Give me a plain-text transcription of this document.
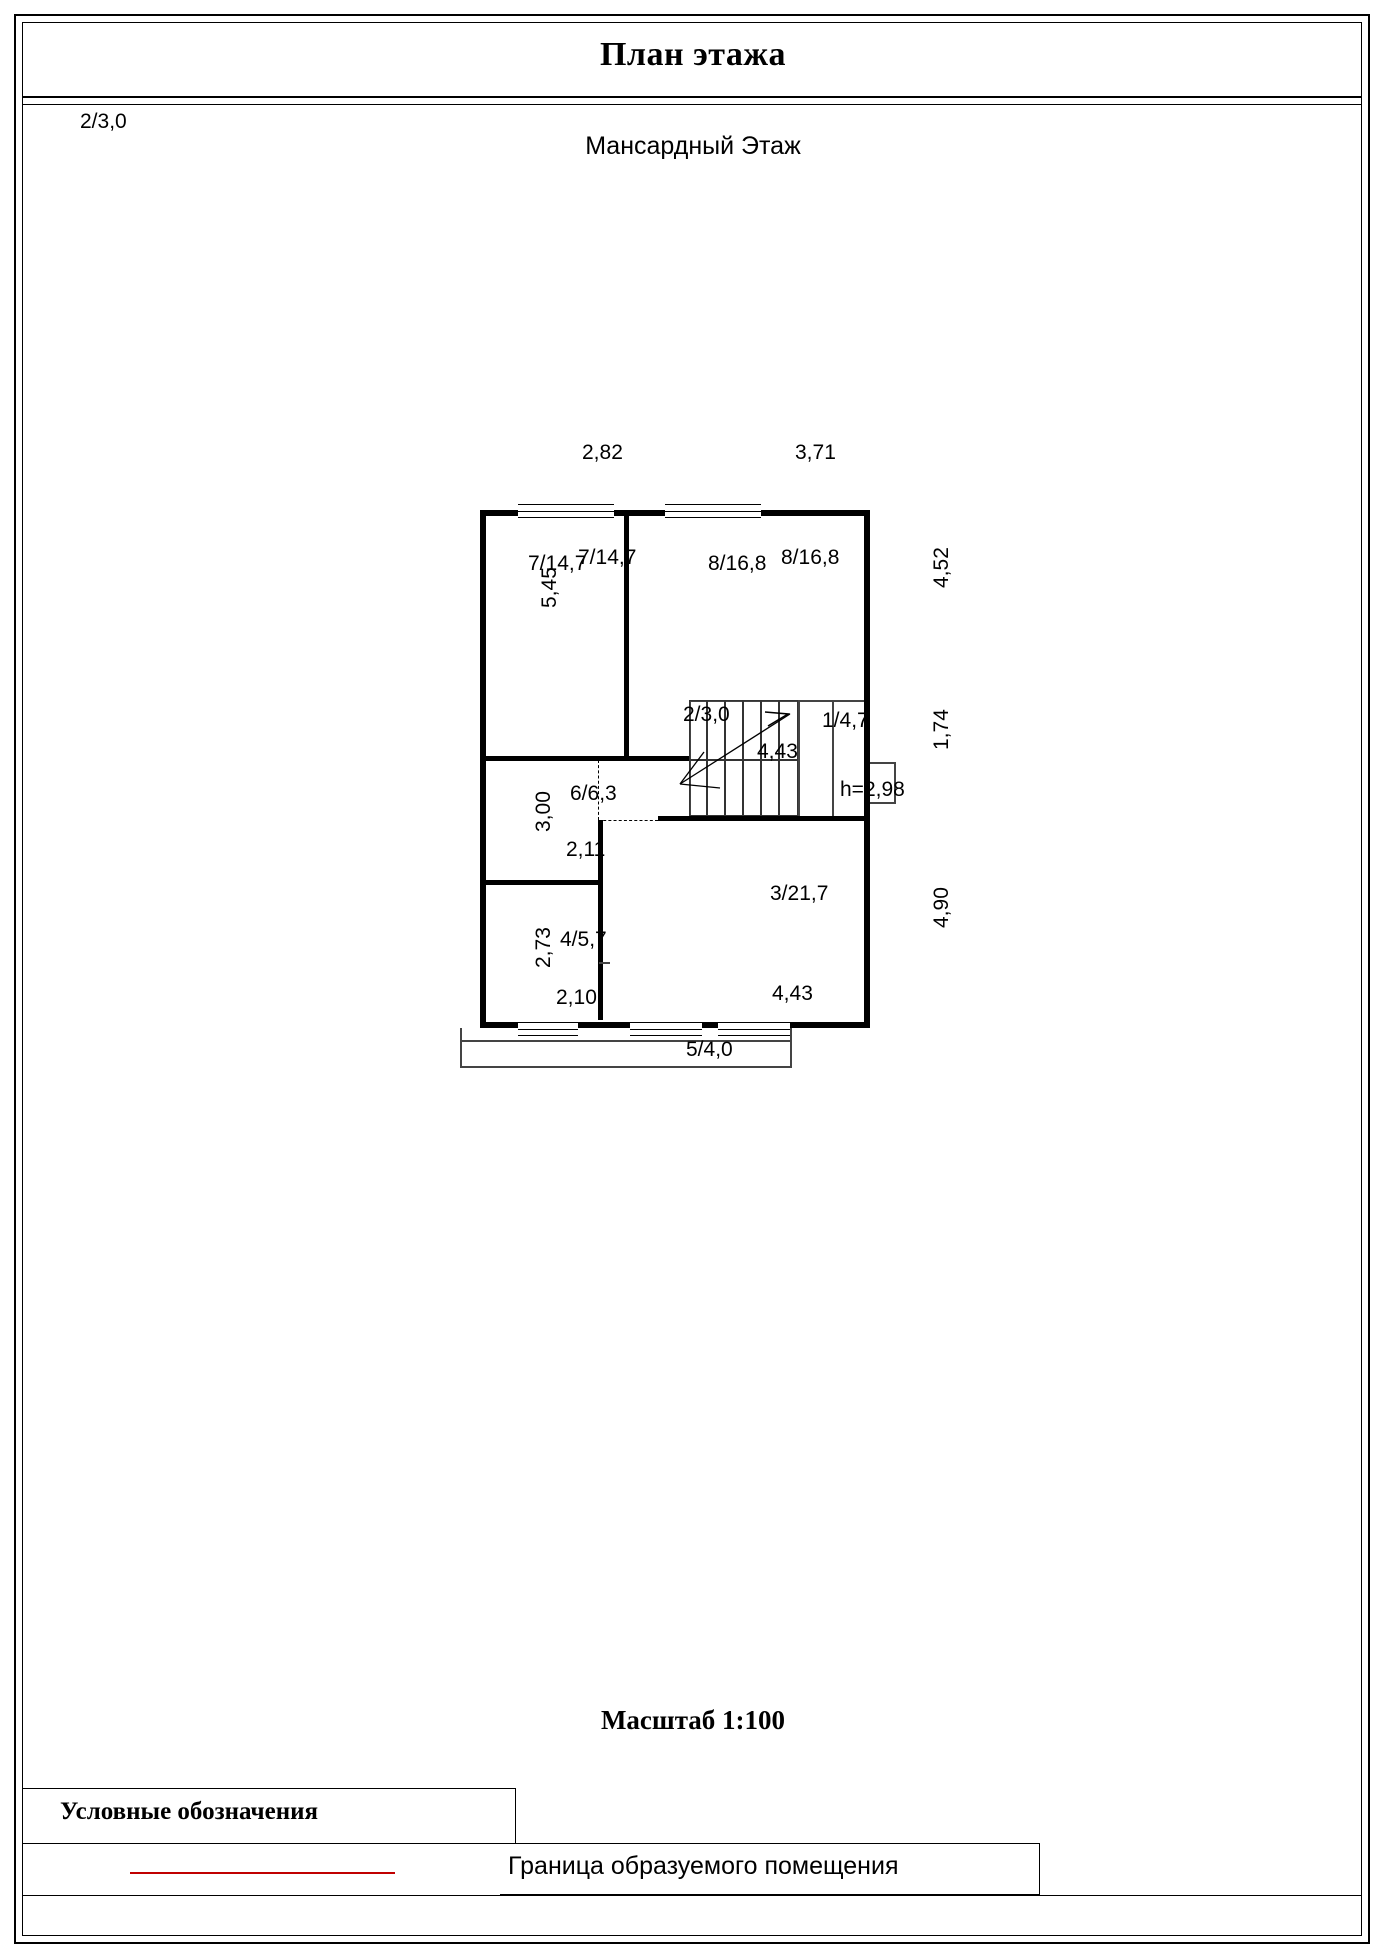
План этажа
Мансардный Этаж
7/14,7	8/16,8
2/3,0
2,82	3,71
5,45
7/14,7	4,52
8/16,8
2/3,0	1/4,7	1,74
4,43
h=2,98
3,00 6/6,3
2,11
3/21,7	4,90
2,73 4/5,7
2,10	4,43
5/4,0
Масштаб 1:100
Условные обозначения
Граница образуемого помещения
